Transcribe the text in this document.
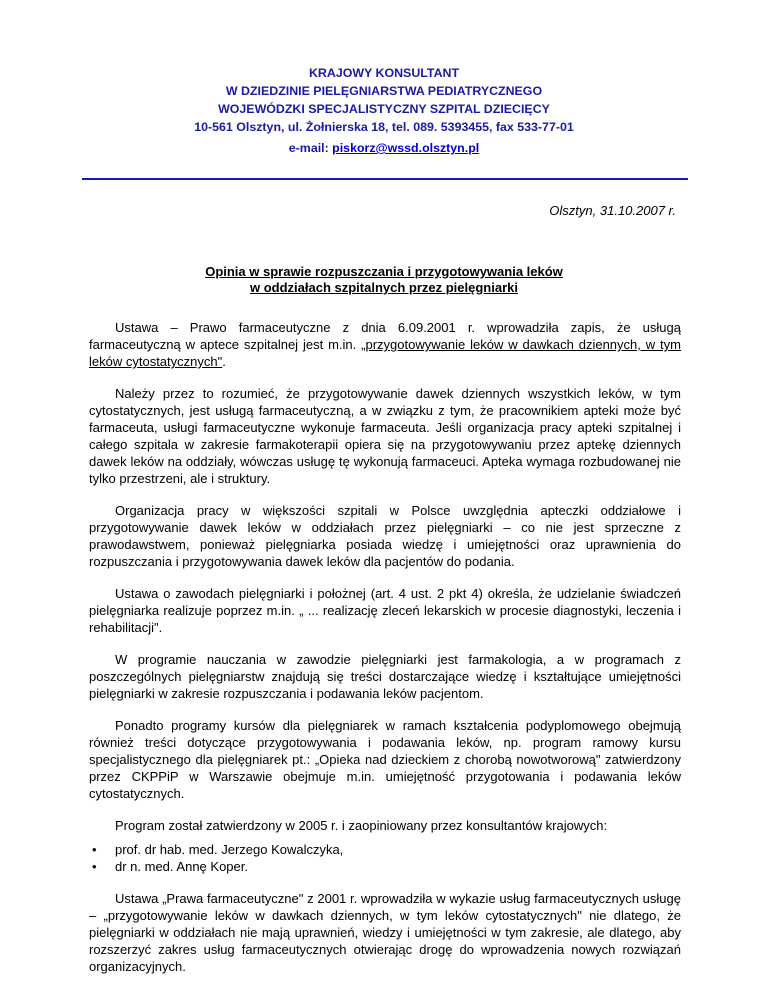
KRAJOWY KONSULTANT
W DZIEDZINIE PIELĘGNIARSTWA PEDIATRYCZNEGO
WOJEWÓDZKI SPECJALISTYCZNY SZPITAL DZIECIĘCY
10-561 Olsztyn, ul. Żołnierska 18, tel. 089. 5393455, fax 533-77-01
e-mail: piskorz@wssd.olsztyn.pl
Olsztyn, 31.10.2007 r.
Opinia w sprawie rozpuszczania i przygotowywania leków
w oddziałach szpitalnych przez pielęgniarki

Ustawa – Prawo farmaceutyczne z dnia 6.09.2001 r. wprowadziła zapis, że usługą farmaceutyczną w aptece szpitalnej jest m.in. „przygotowywanie leków w dawkach dziennych, w tym leków cytostatycznych".

Należy przez to rozumieć, że przygotowywanie dawek dziennych wszystkich leków, w tym cytostatycznych, jest usługą farmaceutyczną, a w związku z tym, że pracownikiem apteki może być farmaceuta, usługi farmaceutyczne wykonuje farmaceuta. Jeśli organizacja pracy apteki szpitalnej i całego szpitala w zakresie farmakoterapii opiera się na przygotowywaniu przez aptekę dziennych dawek leków na oddziały, wówczas usługę tę wykonują farmaceuci. Apteka wymaga rozbudowanej nie tylko przestrzeni, ale i struktury.

Organizacja pracy w większości szpitali w Polsce uwzględnia apteczki oddziałowe i przygotowywanie dawek leków w oddziałach przez pielęgniarki – co nie jest sprzeczne z prawodawstwem, ponieważ pielęgniarka posiada wiedzę i umiejętności oraz uprawnienia do rozpuszczania i przygotowywania dawek leków dla pacjentów do podania.

Ustawa o zawodach pielęgniarki i położnej (art. 4 ust. 2 pkt 4) określa, że udzielanie świadczeń pielęgniarka realizuje poprzez m.in. „ ... realizację zleceń lekarskich w procesie diagnostyki, leczenia i rehabilitacji".

W programie nauczania w zawodzie pielęgniarki jest farmakologia, a w programach z poszczególnych pielęgniarstw znajdują się treści dostarczające wiedzę i kształtujące umiejętności pielęgniarki w zakresie rozpuszczania i podawania leków pacjentom.

Ponadto programy kursów dla pielęgniarek w ramach kształcenia podyplomowego obejmują również treści dotyczące przygotowywania i podawania leków, np. program ramowy kursu specjalistycznego dla pielęgniarek pt.: „Opieka nad dzieckiem z chorobą nowotworową" zatwierdzony przez CKPPiP w Warszawie obejmuje m.in. umiejętność przygotowania i podawania leków cytostatycznych.

Program został zatwierdzony w 2005 r. i zaopiniowany przez konsultantów krajowych:

• prof. dr hab. med. Jerzego Kowalczyka,
• dr n. med. Annę Koper.

Ustawa „Prawa farmaceutyczne" z 2001 r. wprowadziła w wykazie usług farmaceutycznych usługę – „przygotowywanie leków w dawkach dziennych, w tym leków cytostatycznych" nie dlatego, że pielęgniarki w oddziałach nie mają uprawnień, wiedzy i umiejętności w tym zakresie, ale dlatego, aby rozszerzyć zakres usług farmaceutycznych otwierając drogę do wprowadzenia nowych rozwiązań organizacyjnych.
